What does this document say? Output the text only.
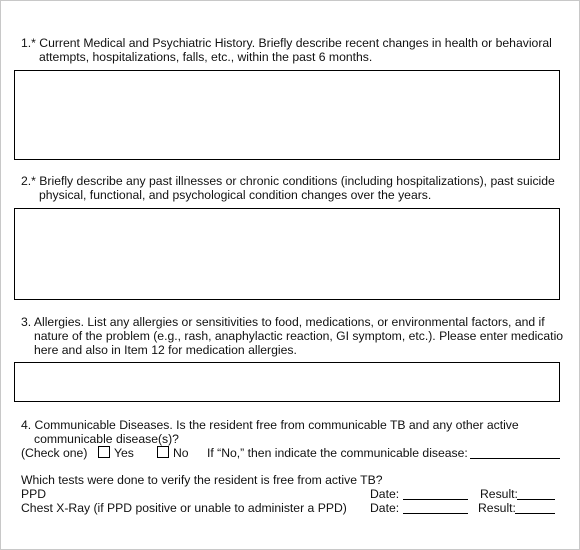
1.* Current Medical and Psychiatric History. Briefly describe recent changes in health or behavioral
attempts, hospitalizations, falls, etc., within the past 6 months.
2.* Briefly describe any past illnesses or chronic conditions (including hospitalizations), past suicide
physical, functional, and psychological condition changes over the years.
3. Allergies. List any allergies or sensitivities to food, medications, or environmental factors, and if
nature of the problem (e.g., rash, anaphylactic reaction, GI symptom, etc.). Please enter medicatio
here and also in Item 12 for medication allergies.
4. Communicable Diseases. Is the resident free from communicable TB and any other active
communicable disease(s)?
(Check one)	Yes	No If “No,” then indicate the communicable disease:
Which tests were done to verify the resident is free from active TB?
PPD	Date:	Result:
Chest X-Ray (if PPD positive or unable to administer a PPD) Date:	Result:
